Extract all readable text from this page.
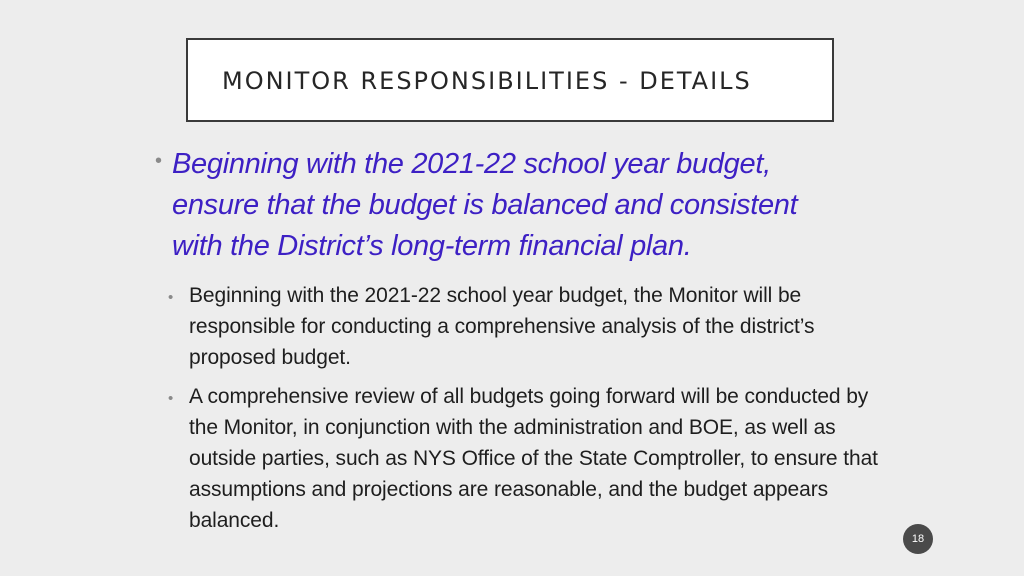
MONITOR RESPONSIBILITIES - DETAILS
• Beginning with the 2021-22 school year budget, ensure that the budget is balanced and consistent with the District’s long-term financial plan.
• Beginning with the 2021-22 school year budget, the Monitor will be responsible for conducting a comprehensive analysis of the district’s proposed budget.
• A comprehensive review of all budgets going forward will be conducted by the Monitor, in conjunction with the administration and BOE, as well as outside parties, such as NYS Office of the State Comptroller, to ensure that assumptions and projections are reasonable, and the budget appears balanced.
18
